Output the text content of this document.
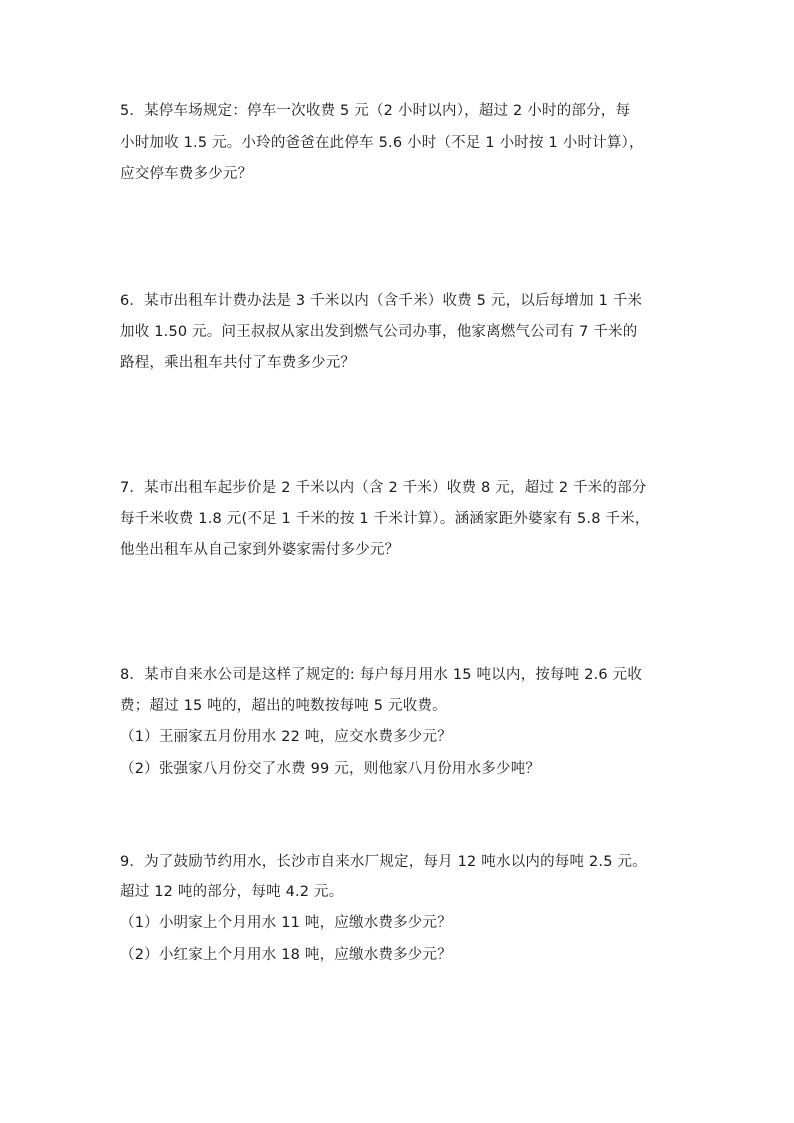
5．某停车场规定：停车一次收费 5 元（2 小时以内），超过 2 小时的部分，每
小时加收 1.5 元。小玲的爸爸在此停车 5.6 小时（不足 1 小时按 1 小时计算），
应交停车费多少元？
6．某市出租车计费办法是 3 千米以内（含千米）收费 5 元，以后每增加 1 千米
加收 1.50 元。问王叔叔从家出发到燃气公司办事，他家离燃气公司有 7 千米的
路程，乘出租车共付了车费多少元？
7．某市出租车起步价是 2 千米以内（含 2 千米）收费 8 元，超过 2 千米的部分
每千米收费 1.8 元(不足 1 千米的按 1 千米计算）。涵涵家距外婆家有 5.8 千米，
他坐出租车从自己家到外婆家需付多少元？
8．某市自来水公司是这样了规定的: 每户每月用水 15 吨以内，按每吨 2.6 元收
费；超过 15 吨的，超出的吨数按每吨 5 元收费。
（1）王丽家五月份用水 22 吨，应交水费多少元？
（2）张强家八月份交了水费 99 元，则他家八月份用水多少吨？
9．为了鼓励节约用水，长沙市自来水厂规定，每月 12 吨水以内的每吨 2.5 元。
超过 12 吨的部分，每吨 4.2 元。
（1）小明家上个月用水 11 吨，应缴水费多少元？
（2）小红家上个月用水 18 吨，应缴水费多少元？
